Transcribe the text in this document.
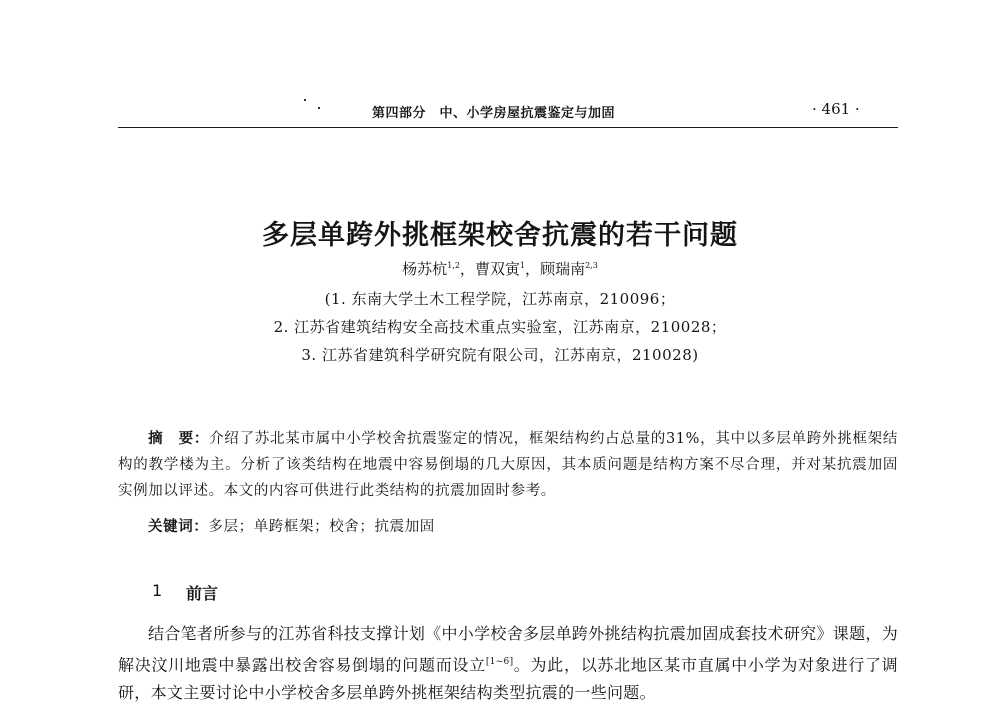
第四部分　中、小学房屋抗震鉴定与加固	· 461 ·
多层单跨外挑框架校舍抗震的若干问题
杨苏杭$^{1,2}$，曹双寅$^1$，顾瑞南$^{2,3}$
(1. 东南大学土木工程学院，江苏南京，210096；
2. 江苏省建筑结构安全高技术重点实验室，江苏南京，210028；
3. 江苏省建筑科学研究院有限公司，江苏南京，210028)
摘　要：介绍了苏北某市属中小学校舍抗震鉴定的情况，框架结构约占总量的31%，其中以多层单跨外挑框架结构的教学楼为主。分析了该类结构在地震中容易倒塌的几大原因，其本质问题是结构方案不尽合理，并对某抗震加固实例加以评述。本文的内容可供进行此类结构的抗震加固时参考。
关键词：多层；单跨框架；校舍；抗震加固
1 前言
结合笔者所参与的江苏省科技支撑计划《中小学校舍多层单跨外挑结构抗震加固成套技术研究》课题，为解决汶川地震中暴露出校舍容易倒塌的问题而设立[1~6]。为此，以苏北地区某市直属中小学为对象进行了调研，本文主要讨论中小学校舍多层单跨外挑框架结构类型抗震的一些问题。
